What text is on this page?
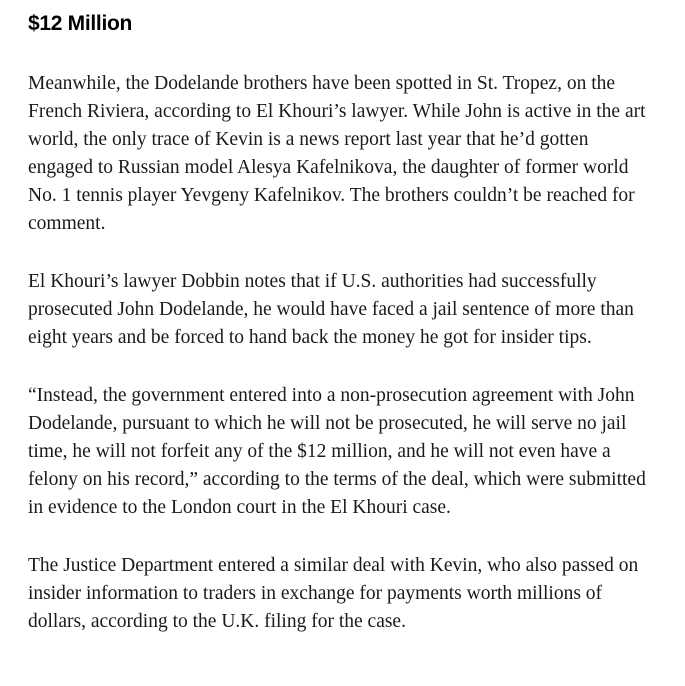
$12 Million

Meanwhile, the Dodelande brothers have been spotted in St. Tropez, on the French Riviera, according to El Khouri’s lawyer. While John is active in the art world, the only trace of Kevin is a news report last year that he’d gotten engaged to Russian model Alesya Kafelnikova, the daughter of former world No. 1 tennis player Yevgeny Kafelnikov. The brothers couldn’t be reached for comment.

El Khouri’s lawyer Dobbin notes that if U.S. authorities had successfully prosecuted John Dodelande, he would have faced a jail sentence of more than eight years and be forced to hand back the money he got for insider tips.

“Instead, the government entered into a non-prosecution agreement with John Dodelande, pursuant to which he will not be prosecuted, he will serve no jail time, he will not forfeit any of the $12 million, and he will not even have a felony on his record,” according to the terms of the deal, which were submitted in evidence to the London court in the El Khouri case.

The Justice Department entered a similar deal with Kevin, who also passed on insider information to traders in exchange for payments worth millions of dollars, according to the U.K. filing for the case.
